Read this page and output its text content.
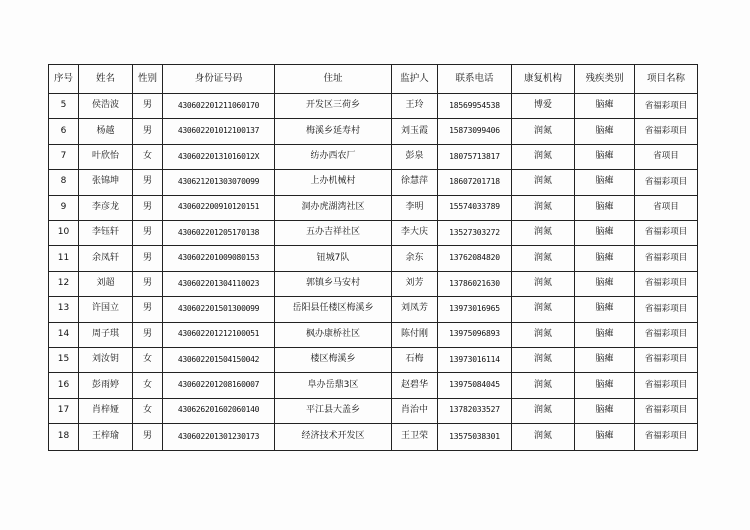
序号	姓名	性别	身份证号码	住址	监护人	联系电话	康复机构	残疾类别	项目名称
5	侯浩波	男	430602201211060170	开发区三荷乡	王玲	18569954538	博爱	脑瘫	省福彩项目
6	杨越	男	430602201012100137	梅溪乡延寿村	刘玉霞	15873099406	润氮	脑瘫	省福彩项目
7	叶欣怡	女	43060220131016012X	纺办西农厂	彭泉	18075713817	润氮	脑瘫	省项目
8	张锦坤	男	430621201303070099	上办机械村	徐慧萍	18607201718	润氮	脑瘫	省福彩项目
9	李彦龙	男	430602200910120151	洞办虎湖湾社区	李明	15574033789	润氮	脑瘫	省项目
10	李钰轩	男	430602201205170138	五办吉祥社区	李大庆	13527303272	润氮	脑瘫	省福彩项目
11	余凤轩	男	430602201009080153	钮城7队	余东	13762084820	润氮	脑瘫	省福彩项目
12	刘超	男	430602201304110023	郭镇乡马安村	刘芳	13786021630	润氮	脑瘫	省福彩项目
13	许国立	男	430602201501300099	岳阳县任楼区梅溪乡	刘凤芳	13973016965	润氮	脑瘫	省福彩项目
14	周子琪	男	430602201212100051	枫办康桥社区	陈付刚	13975096893	润氮	脑瘫	省福彩项目
15	刘汝钥	女	430602201504150042	楼区梅溪乡	石梅	13973016114	润氮	脑瘫	省福彩项目
16	彭雨婷	女	430602201208160007	阜办岳鼎3区	赵碧华	13975084045	润氮	脑瘫	省福彩项目
17	肖梓娅	女	430626201602060140	平江县大盖乡	肖治中	13782033527	润氮	脑瘫	省福彩项目
18	王梓瑜	男	430602201301230173	经济技术开发区	王卫荣	13575038301	润氮	脑瘫	省福彩项目
